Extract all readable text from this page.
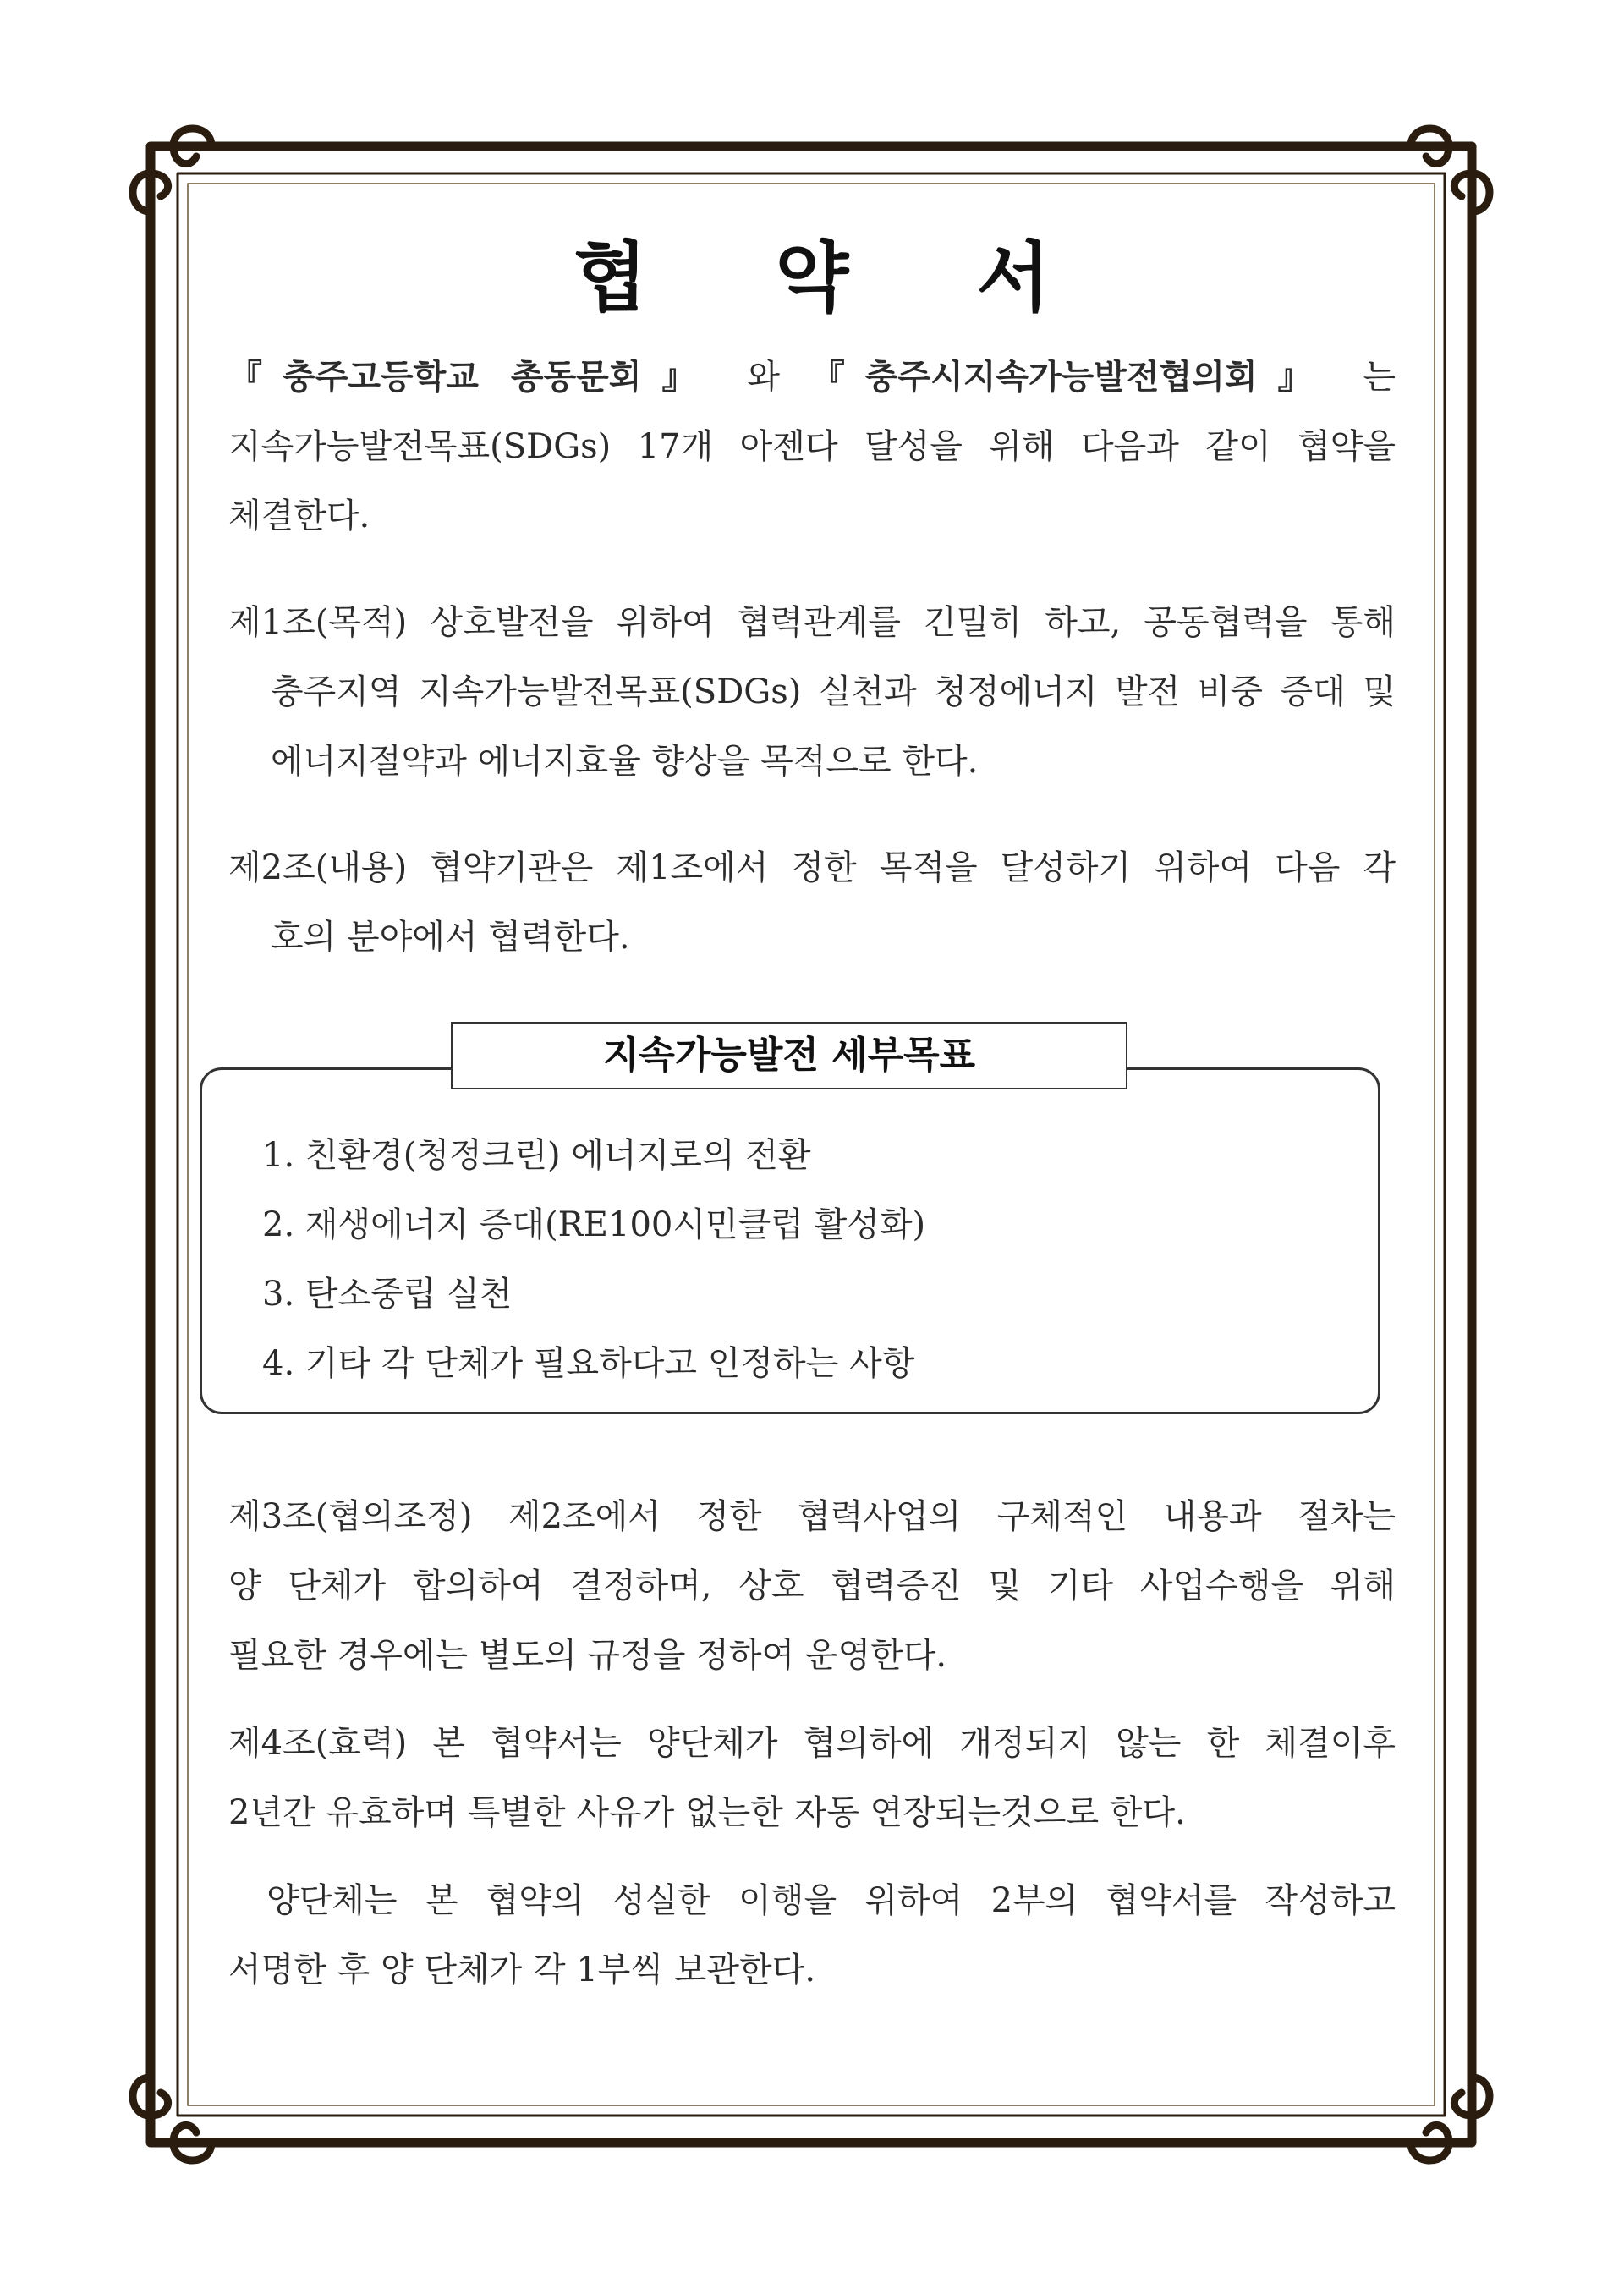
협 약 서
『충주고등학교 총동문회』 와 『충주시지속가능발전협의회』 는
지속가능발전목표(SDGs) 17개 아젠다 달성을 위해 다음과 같이 협약을
체결한다.
제1조(목적) 상호발전을 위하여 협력관계를 긴밀히 하고, 공동협력을 통해
충주지역 지속가능발전목표(SDGs) 실천과 청정에너지 발전 비중 증대 및
에너지절약과 에너지효율 향상을 목적으로 한다.
제2조(내용) 협약기관은 제1조에서 정한 목적을 달성하기 위하여 다음 각
호의 분야에서 협력한다.
지속가능발전 세부목표
1. 친환경(청정크린) 에너지로의 전환
2. 재생에너지 증대(RE100시민클럽 활성화)
3. 탄소중립 실천
4. 기타 각 단체가 필요하다고 인정하는 사항
제3조(협의조정) 제2조에서 정한 협력사업의 구체적인 내용과 절차는
양 단체가 합의하여 결정하며, 상호 협력증진 및 기타 사업수행을 위해
필요한 경우에는 별도의 규정을 정하여 운영한다.
제4조(효력) 본 협약서는 양단체가 협의하에 개정되지 않는 한 체결이후
2년간 유효하며 특별한 사유가 없는한 자동 연장되는것으로 한다.
양단체는 본 협약의 성실한 이행을 위하여 2부의 협약서를 작성하고
서명한 후 양 단체가 각 1부씩 보관한다.
